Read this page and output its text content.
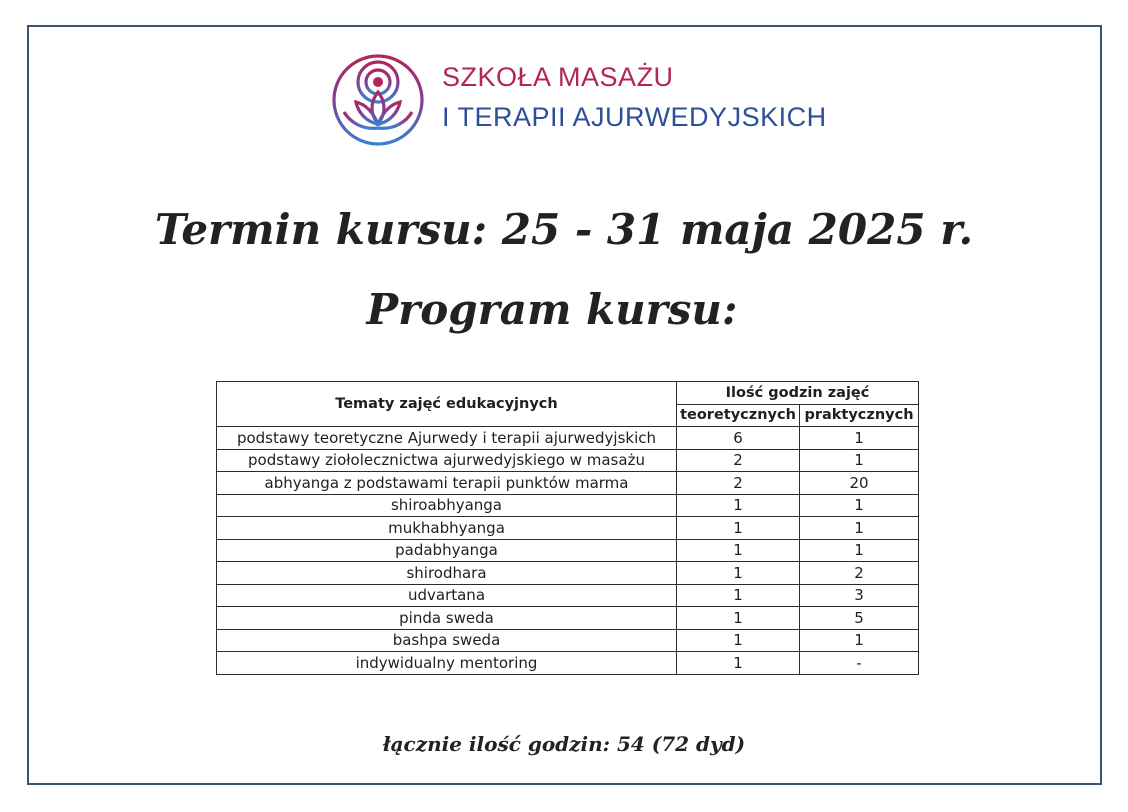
SZKOŁA MASAŻU
I TERAPII AJURWEDYJSKICH
Termin kursu: 25 - 31 maja 2025 r.
Program kursu:
Tematy zajęć edukacyjnych	Ilość godzin zajęć	
	teoretycznych	praktycznych
podstawy teoretyczne Ajurwedy i terapii ajurwedyjskich	6	1
podstawy ziołolecznictwa ajurwedyjskiego w masażu	2	1
abhyanga z podstawami terapii punktów marma	2	20
shiroabhyanga	1	1
mukhabhyanga	1	1
padabhyanga	1	1
shirodhara	1	2
udvartana	1	3
pinda sweda	1	5
bashpa sweda	1	1
indywidualny mentoring	1	-
łącznie ilość godzin: 54 (72 dyd)
